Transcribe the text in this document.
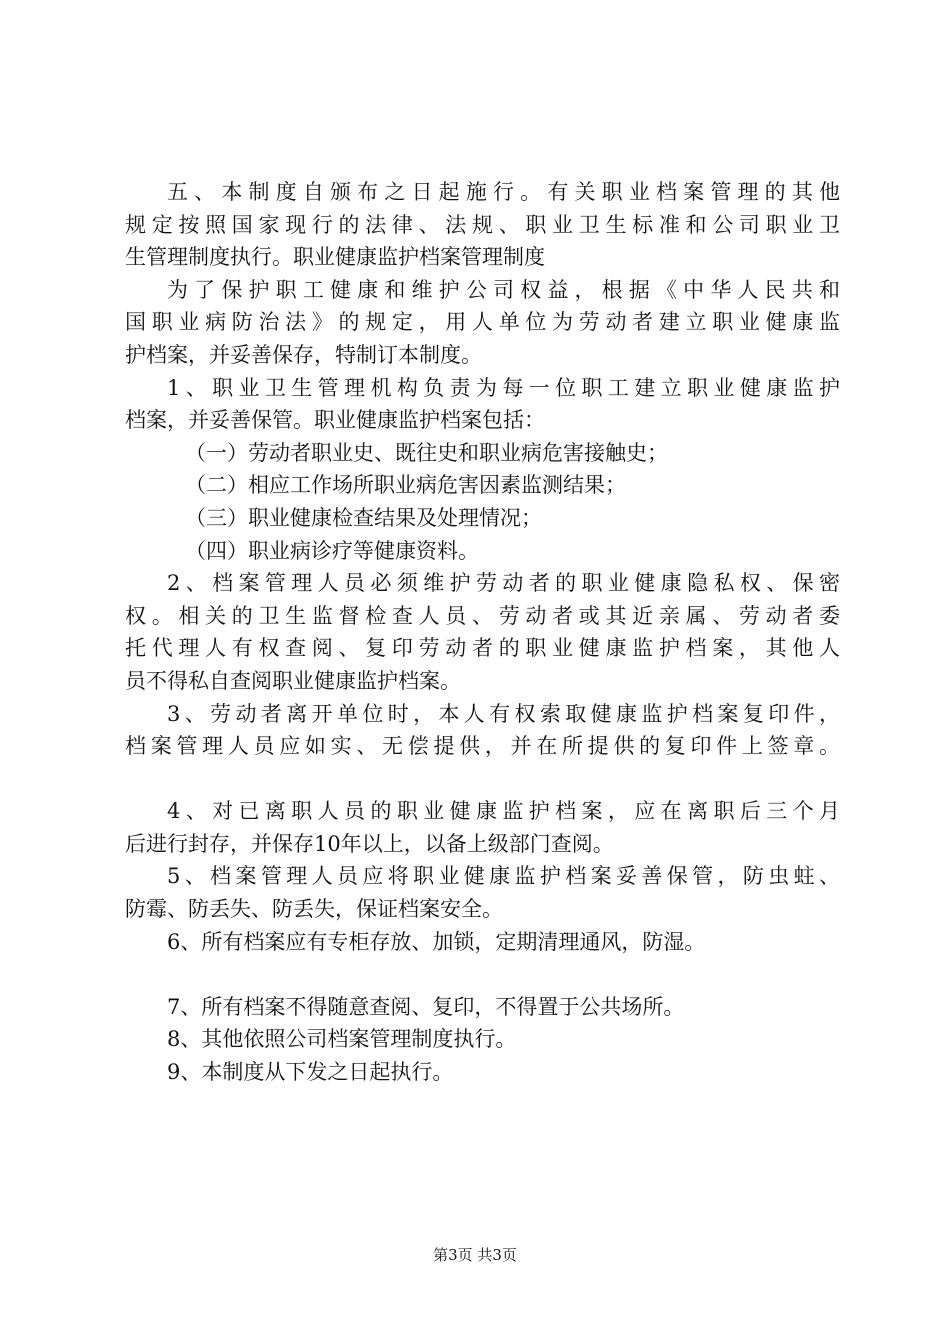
五、本制度自颁布之日起施行。有关职业档案管理的其他
规定按照国家现行的法律、法规、职业卫生标准和公司职业卫
生管理制度执行。职业健康监护档案管理制度
为了保护职工健康和维护公司权益，根据《中华人民共和
国职业病防治法》的规定，用人单位为劳动者建立职业健康监
护档案，并妥善保存，特制订本制度。
1、职业卫生管理机构负责为每一位职工建立职业健康监护
档案，并妥善保管。职业健康监护档案包括：
（一）劳动者职业史、既往史和职业病危害接触史；
（二）相应工作场所职业病危害因素监测结果；
（三）职业健康检查结果及处理情况；
（四）职业病诊疗等健康资料。
2、档案管理人员必须维护劳动者的职业健康隐私权、保密
权。相关的卫生监督检查人员、劳动者或其近亲属、劳动者委
托代理人有权查阅、复印劳动者的职业健康监护档案，其他人
员不得私自查阅职业健康监护档案。
3、劳动者离开单位时，本人有权索取健康监护档案复印件，
档案管理人员应如实、无偿提供，并在所提供的复印件上签章。
4、对已离职人员的职业健康监护档案，应在离职后三个月
后进行封存，并保存10年以上，以备上级部门查阅。
5、档案管理人员应将职业健康监护档案妥善保管，防虫蛀、
防霉、防丢失、防丢失，保证档案安全。
6、所有档案应有专柜存放、加锁，定期清理通风，防湿。
7、所有档案不得随意查阅、复印，不得置于公共场所。
8、其他依照公司档案管理制度执行。
9、本制度从下发之日起执行。
第3页 共3页
